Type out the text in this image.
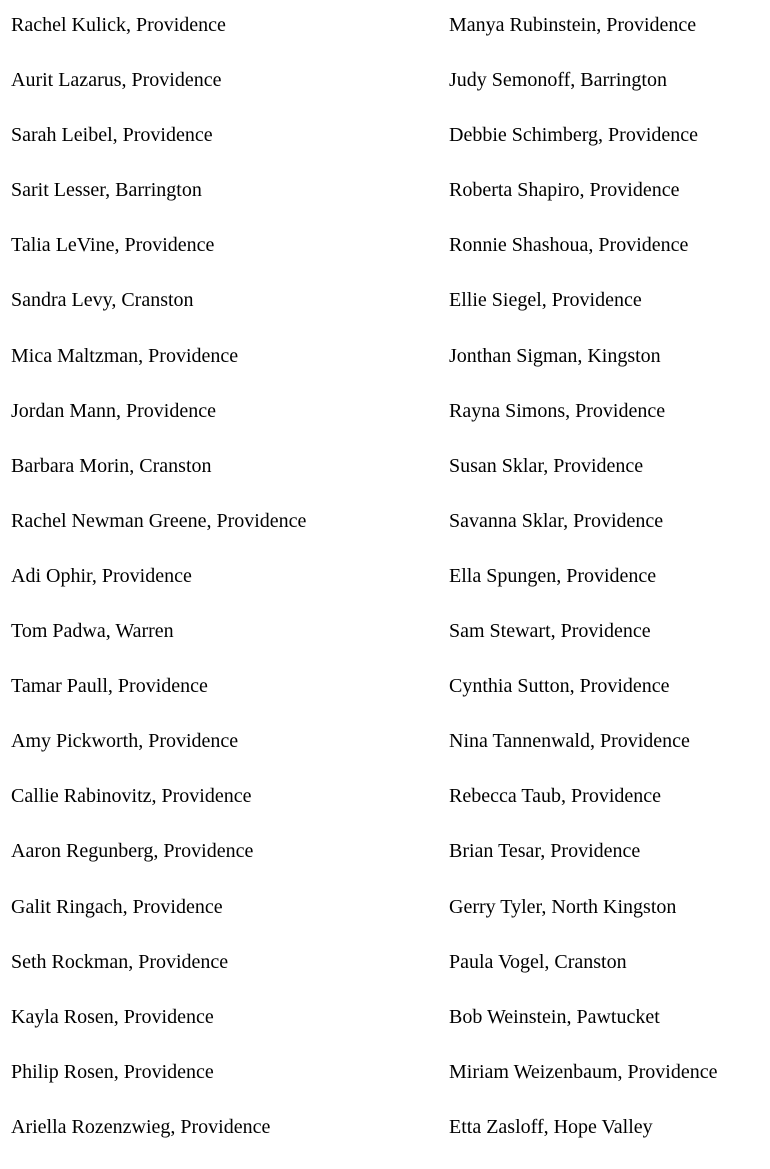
Rachel Kulick, Providence
Aurit Lazarus, Providence
Sarah Leibel, Providence
Sarit Lesser, Barrington
Talia LeVine, Providence
Sandra Levy, Cranston
Mica Maltzman, Providence
Jordan Mann, Providence
Barbara Morin, Cranston
Rachel Newman Greene, Providence
Adi Ophir, Providence
Tom Padwa, Warren
Tamar Paull, Providence
Amy Pickworth, Providence
Callie Rabinovitz, Providence
Aaron Regunberg, Providence
Galit Ringach, Providence
Seth Rockman, Providence
Kayla Rosen, Providence
Philip Rosen, Providence
Ariella Rozenzwieg, Providence
Manya Rubinstein, Providence
Judy Semonoff, Barrington
Debbie Schimberg, Providence
Roberta Shapiro, Providence
Ronnie Shashoua, Providence
Ellie Siegel, Providence
Jonthan Sigman, Kingston
Rayna Simons, Providence
Susan Sklar, Providence
Savanna Sklar, Providence
Ella Spungen, Providence
Sam Stewart, Providence
Cynthia Sutton, Providence
Nina Tannenwald, Providence
Rebecca Taub, Providence
Brian Tesar, Providence
Gerry Tyler, North Kingston
Paula Vogel, Cranston
Bob Weinstein, Pawtucket
Miriam Weizenbaum, Providence
Etta Zasloff, Hope Valley
